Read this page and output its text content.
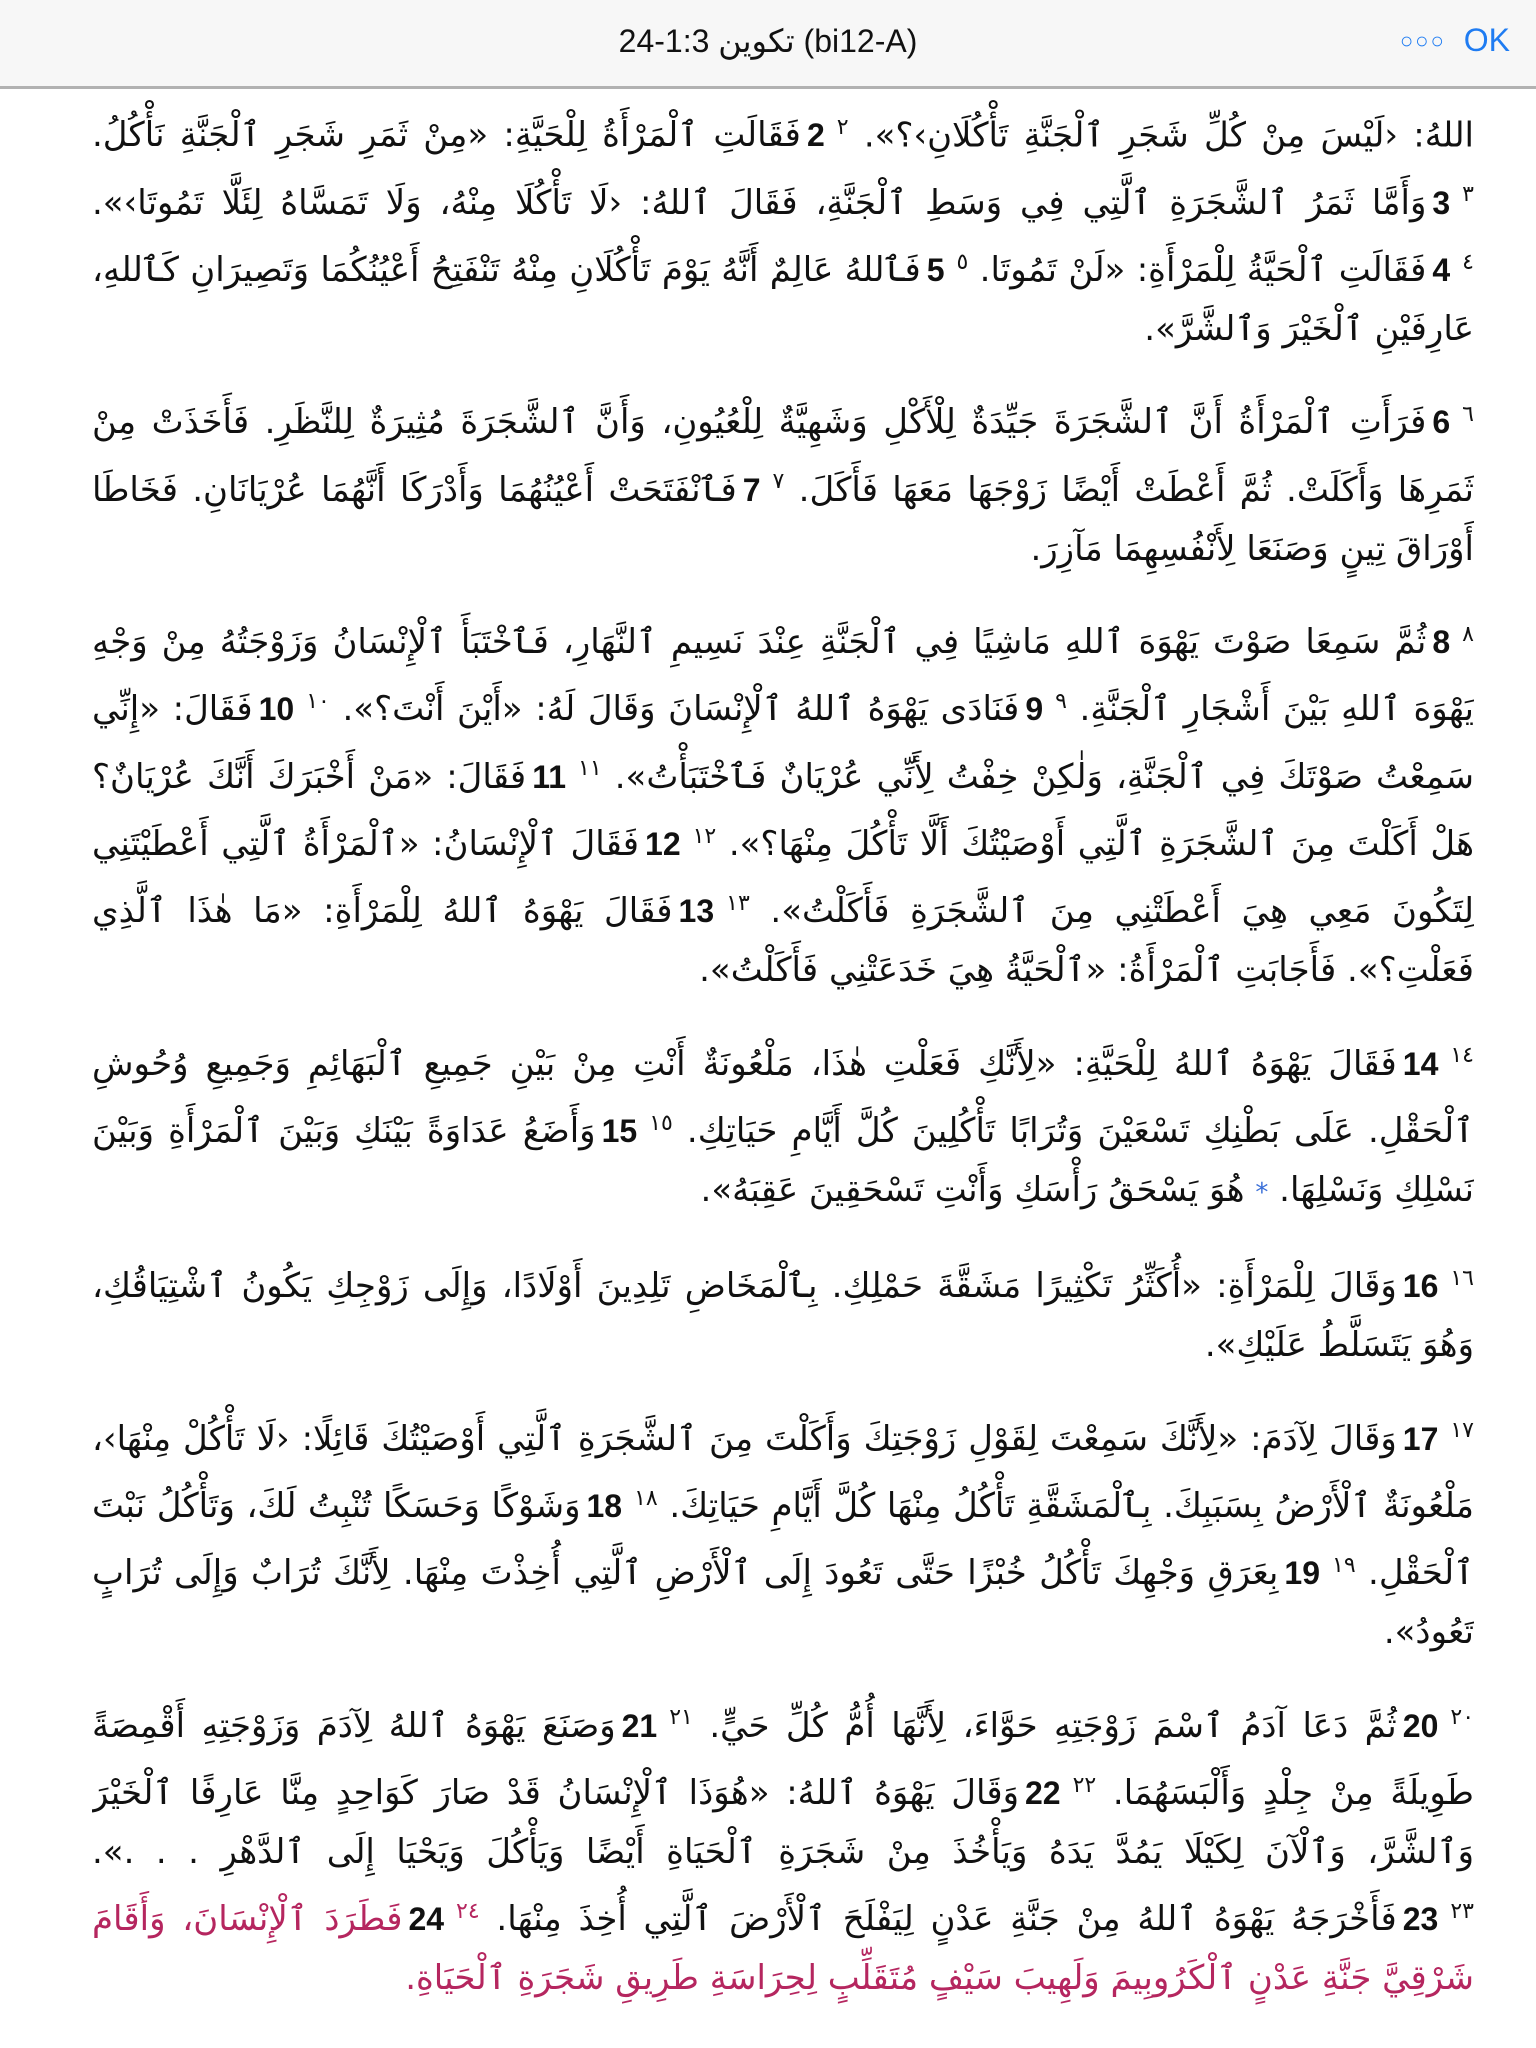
تكوين 1:3-24 (bi12-A)	○○○ OK

اللهُ: ‹لَيْسَ مِنْ كُلِّ شَجَرِ ٱلْجَنَّةِ تَأْكُلَانِ›؟». 2 $^٢$فَقَالَتِ ٱلْمَرْأَةُ لِلْحَيَّةِ: «مِنْ ثَمَرِ شَجَرِ ٱلْجَنَّةِ نَأْكُلُ. 3 $^٣$وَأَمَّا ثَمَرُ ٱلشَّجَرَةِ ٱلَّتِي فِي وَسَطِ ٱلْجَنَّةِ، فَقَالَ ٱللهُ: ‹لَا تَأْكُلَا مِنْهُ، وَلَا تَمَسَّاهُ لِئَلَّا تَمُوتَا›». 4 $^٤$فَقَالَتِ ٱلْحَيَّةُ لِلْمَرْأَةِ: «لَنْ تَمُوتَا. 5 $^٥$فَٱللهُ عَالِمٌ أَنَّهُ يَوْمَ تَأْكُلَانِ مِنْهُ تَنْفَتِحُ أَعْيُنُكُمَا وَتَصِيرَانِ كَٱللهِ، عَارِفَيْنِ ٱلْخَيْرَ وَٱلشَّرَّ».

6 $^٦$فَرَأَتِ ٱلْمَرْأَةُ أَنَّ ٱلشَّجَرَةَ جَيِّدَةٌ لِلْأَكْلِ وَشَهِيَّةٌ لِلْعُيُونِ، وَأَنَّ ٱلشَّجَرَةَ مُثِيرَةٌ لِلنَّظَرِ. فَأَخَذَتْ مِنْ ثَمَرِهَا وَأَكَلَتْ. ثُمَّ أَعْطَتْ أَيْضًا زَوْجَهَا مَعَهَا فَأَكَلَ. 7 $^٧$فَٱنْفَتَحَتْ أَعْيُنُهُمَا وَأَدْرَكَا أَنَّهُمَا عُرْيَانَانِ. فَخَاطَا أَوْرَاقَ تِينٍ وَصَنَعَا لِأَنْفُسِهِمَا مَآزِرَ.

8 $^٨$ثُمَّ سَمِعَا صَوْتَ يَهْوَهَ ٱللهِ مَاشِيًا فِي ٱلْجَنَّةِ عِنْدَ نَسِيمِ ٱلنَّهَارِ، فَٱخْتَبَأَ ٱلْإِنْسَانُ وَزَوْجَتُهُ مِنْ وَجْهِ يَهْوَهَ ٱللهِ بَيْنَ أَشْجَارِ ٱلْجَنَّةِ. 9 $^٩$فَنَادَى يَهْوَهُ ٱللهُ ٱلْإِنْسَانَ وَقَالَ لَهُ: «أَيْنَ أَنْتَ؟». 10 $^{١٠}$فَقَالَ: «إِنِّي سَمِعْتُ صَوْتَكَ فِي ٱلْجَنَّةِ، وَلٰكِنْ خِفْتُ لِأَنِّي عُرْيَانٌ فَٱخْتَبَأْتُ». 11 $^{١١}$فَقَالَ: «مَنْ أَخْبَرَكَ أَنَّكَ عُرْيَانٌ؟ هَلْ أَكَلْتَ مِنَ ٱلشَّجَرَةِ ٱلَّتِي أَوْصَيْتُكَ أَلَّا تَأْكُلَ مِنْهَا؟». 12 $^{١٢}$فَقَالَ ٱلْإِنْسَانُ: «ٱلْمَرْأَةُ ٱلَّتِي أَعْطَيْتَنِي لِتَكُونَ مَعِي هِيَ أَعْطَتْنِي مِنَ ٱلشَّجَرَةِ فَأَكَلْتُ». 13 $^{١٣}$فَقَالَ يَهْوَهُ ٱللهُ لِلْمَرْأَةِ: «مَا هٰذَا ٱلَّذِي فَعَلْتِ؟». فَأَجَابَتِ ٱلْمَرْأَةُ: «ٱلْحَيَّةُ هِيَ خَدَعَتْنِي فَأَكَلْتُ».

14 $^{١٤}$فَقَالَ يَهْوَهُ ٱللهُ لِلْحَيَّةِ: «لِأَنَّكِ فَعَلْتِ هٰذَا، مَلْعُونَةٌ أَنْتِ مِنْ بَيْنِ جَمِيعِ ٱلْبَهَائِمِ وَجَمِيعِ وُحُوشِ ٱلْحَقْلِ. عَلَى بَطْنِكِ تَسْعَيْنَ وَتُرَابًا تَأْكُلِينَ كُلَّ أَيَّامِ حَيَاتِكِ. 15 $^{١٥}$وَأَضَعُ عَدَاوَةً بَيْنَكِ وَبَيْنَ ٱلْمَرْأَةِ وَبَيْنَ نَسْلِكِ وَنَسْلِهَا. * هُوَ يَسْحَقُ رَأْسَكِ وَأَنْتِ تَسْحَقِينَ عَقِبَهُ».

16 $^{١٦}$وَقَالَ لِلْمَرْأَةِ: «أُكَثِّرُ تَكْثِيرًا مَشَقَّةَ حَمْلِكِ. بِٱلْمَخَاضِ تَلِدِينَ أَوْلَادًا، وَإِلَى زَوْجِكِ يَكُونُ ٱشْتِيَاقُكِ، وَهُوَ يَتَسَلَّطُ عَلَيْكِ».

17 $^{١٧}$وَقَالَ لِآدَمَ: «لِأَنَّكَ سَمِعْتَ لِقَوْلِ زَوْجَتِكَ وَأَكَلْتَ مِنَ ٱلشَّجَرَةِ ٱلَّتِي أَوْصَيْتُكَ قَائِلًا: ‹لَا تَأْكُلْ مِنْهَا›، مَلْعُونَةٌ ٱلْأَرْضُ بِسَبَبِكَ. بِٱلْمَشَقَّةِ تَأْكُلُ مِنْهَا كُلَّ أَيَّامِ حَيَاتِكَ. 18 $^{١٨}$وَشَوْكًا وَحَسَكًا تُنْبِتُ لَكَ، وَتَأْكُلُ نَبْتَ ٱلْحَقْلِ. 19 $^{١٩}$بِعَرَقِ وَجْهِكَ تَأْكُلُ خُبْزًا حَتَّى تَعُودَ إِلَى ٱلْأَرْضِ ٱلَّتِي أُخِذْتَ مِنْهَا. لِأَنَّكَ تُرَابٌ وَإِلَى تُرَابٍ تَعُودُ».

20 $^{٢٠}$ثُمَّ دَعَا آدَمُ ٱسْمَ زَوْجَتِهِ حَوَّاءَ، لِأَنَّهَا أُمُّ كُلِّ حَيٍّ. 21 $^{٢١}$وَصَنَعَ يَهْوَهُ ٱللهُ لِآدَمَ وَزَوْجَتِهِ أَقْمِصَةً طَوِيلَةً مِنْ جِلْدٍ وَأَلْبَسَهُمَا. 22 $^{٢٢}$وَقَالَ يَهْوَهُ ٱللهُ: «هُوَذَا ٱلْإِنْسَانُ قَدْ صَارَ كَوَاحِدٍ مِنَّا عَارِفًا ٱلْخَيْرَ وَٱلشَّرَّ، وَٱلْآنَ لِكَيْلَا يَمُدَّ يَدَهُ وَيَأْخُذَ مِنْ شَجَرَةِ ٱلْحَيَاةِ أَيْضًا وَيَأْكُلَ وَيَحْيَا إِلَى ٱلدَّهْرِ . . .». 23 $^{٢٣}$فَأَخْرَجَهُ يَهْوَهُ ٱللهُ مِنْ جَنَّةِ عَدْنٍ لِيَفْلَحَ ٱلْأَرْضَ ٱلَّتِي أُخِذَ مِنْهَا. 24 $^{٢٤}$فَطَرَدَ ٱلْإِنْسَانَ، وَأَقَامَ شَرْقِيَّ جَنَّةِ عَدْنٍ ٱلْكَرُوبِيمَ وَلَهِيبَ سَيْفٍ مُتَقَلِّبٍ لِحِرَاسَةِ طَرِيقِ شَجَرَةِ ٱلْحَيَاةِ.
